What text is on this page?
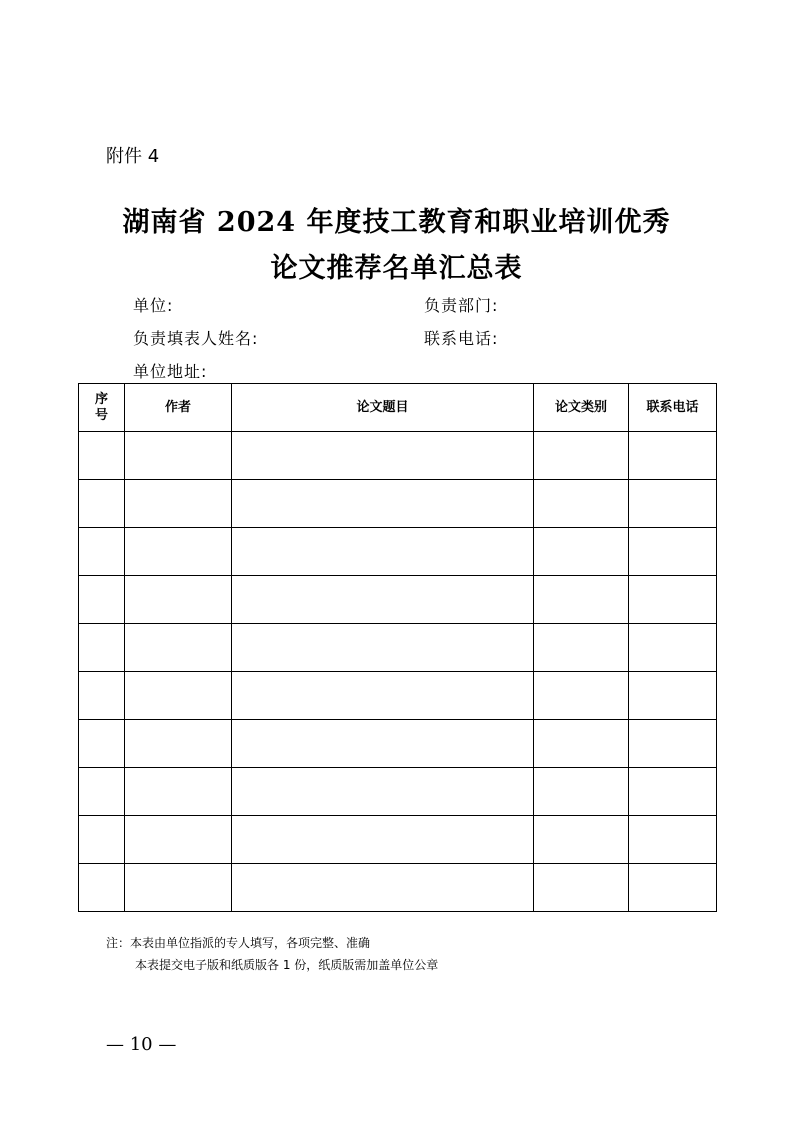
附件 4
湖南省 2024 年度技工教育和职业培训优秀
论文推荐名单汇总表
单位:	负责部门:
负责填表人姓名:	联系电话:
单位地址:
序
号	作者	论文题目	论文类别	联系电话

注：本表由单位指派的专人填写，各项完整、准确
本表提交电子版和纸质版各 1 份，纸质版需加盖单位公章
— 10 —
